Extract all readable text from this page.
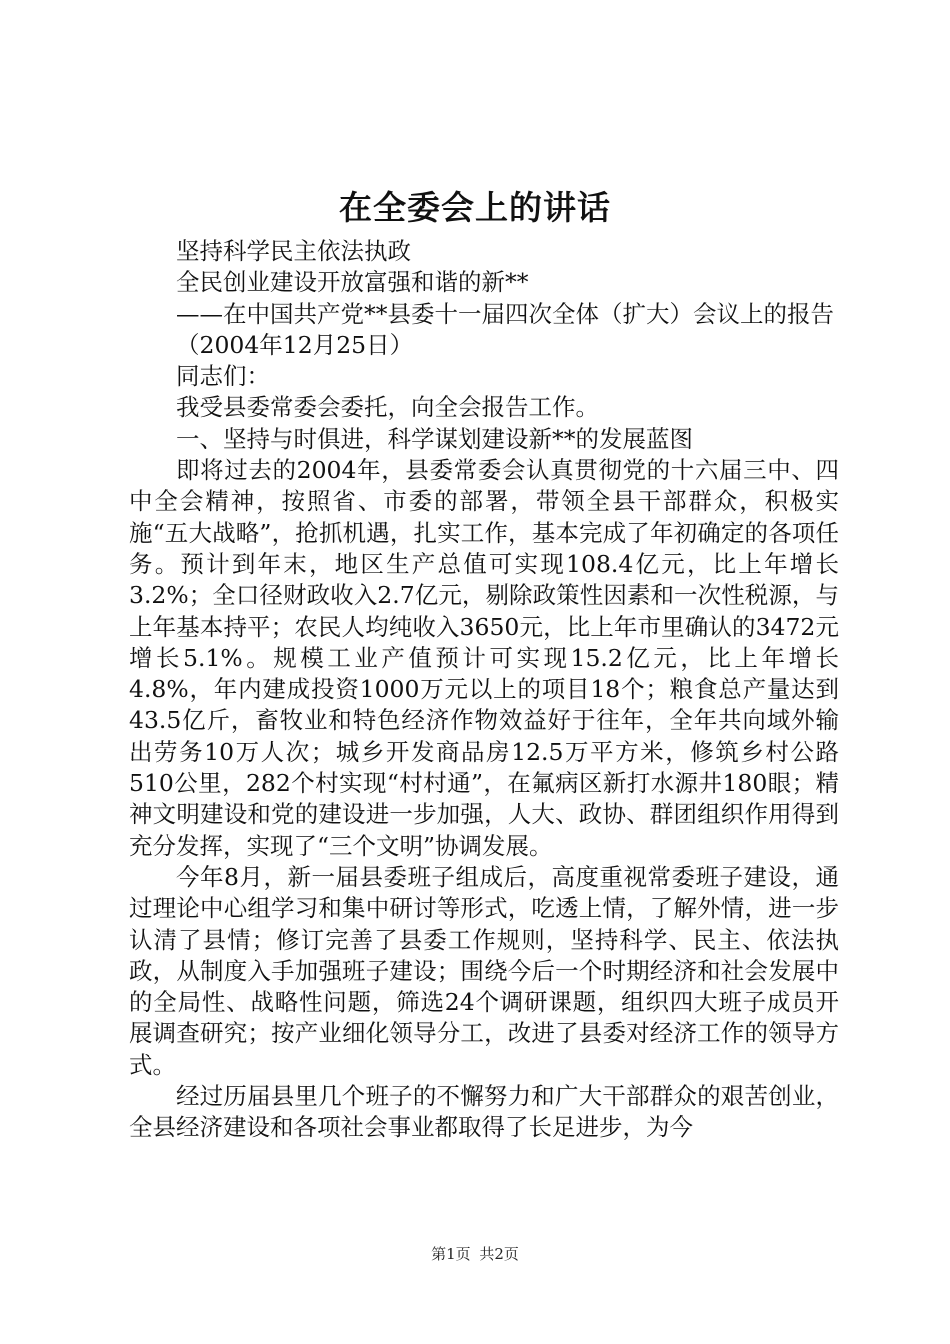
在全委会上的讲话

坚持科学民主依法执政

全民创业建设开放富强和谐的新**

——在中国共产党**县委十一届四次全体（扩大）会议上的报告

（2004年12月25日）

同志们：

我受县委常委会委托，向全会报告工作。

一、坚持与时俱进，科学谋划建设新**的发展蓝图

即将过去的2004年，县委常委会认真贯彻党的十六届三中、四中全会精神，按照省、市委的部署，带领全县干部群众，积极实施“五大战略”，抢抓机遇，扎实工作，基本完成了年初确定的各项任务。预计到年末，地区生产总值可实现108.4亿元，比上年增长3.2%；全口径财政收入2.7亿元，剔除政策性因素和一次性税源，与上年基本持平；农民人均纯收入3650元，比上年市里确认的3472元增长5.1%。规模工业产值预计可实现15.2亿元，比上年增长4.8%，年内建成投资1000万元以上的项目18个；粮食总产量达到43.5亿斤，畜牧业和特色经济作物效益好于往年，全年共向域外输出劳务10万人次；城乡开发商品房12.5万平方米，修筑乡村公路510公里，282个村实现“村村通”，在氟病区新打水源井180眼；精神文明建设和党的建设进一步加强，人大、政协、群团组织作用得到充分发挥，实现了“三个文明”协调发展。

今年8月，新一届县委班子组成后，高度重视常委班子建设，通过理论中心组学习和集中研讨等形式，吃透上情，了解外情，进一步认清了县情；修订完善了县委工作规则，坚持科学、民主、依法执政，从制度入手加强班子建设；围绕今后一个时期经济和社会发展中的全局性、战略性问题，筛选24个调研课题，组织四大班子成员开展调查研究；按产业细化领导分工，改进了县委对经济工作的领导方式。

经过历届县里几个班子的不懈努力和广大干部群众的艰苦创业，全县经济建设和各项社会事业都取得了长足进步，为今

第1页 共2页
